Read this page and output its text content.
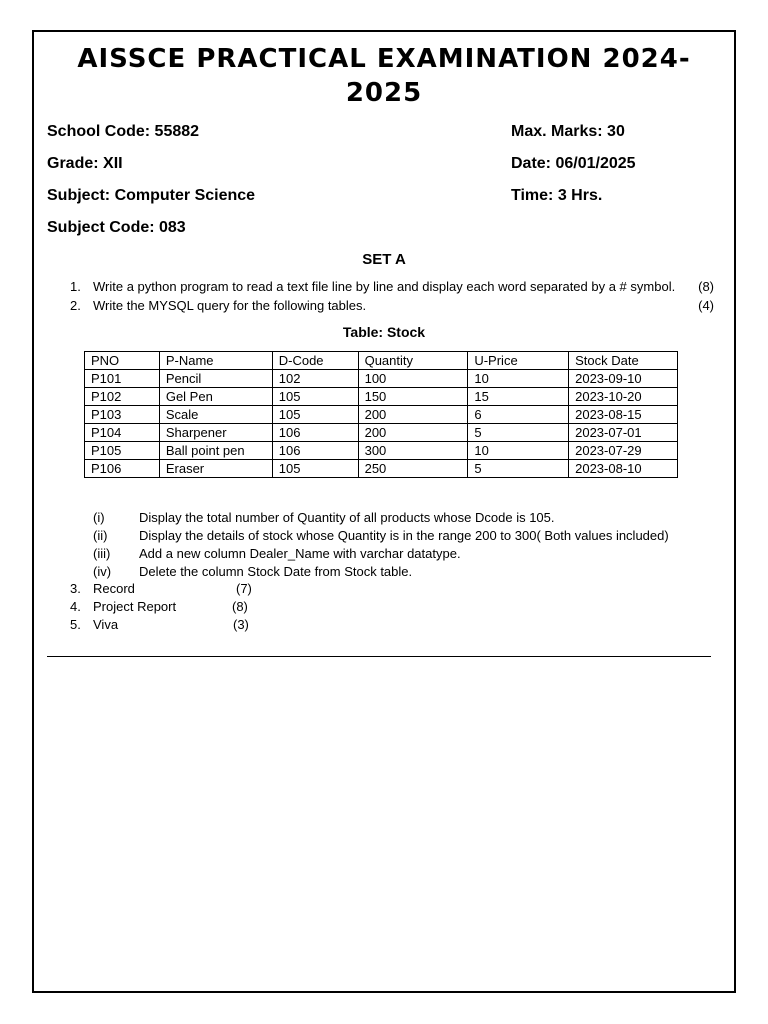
AISSCE PRACTICAL EXAMINATION 2024-2025
School Code: 55882
Grade: XII
Subject: Computer Science
Subject Code: 083
Max. Marks: 30
Date: 06/01/2025
Time: 3 Hrs.
SET A
1. Write a python program to read a text file line by line and display each word separated by a # symbol. (8)
2. Write the MYSQL query for the following tables.	(4)
Table: Stock
PNO	P-Name	D-Code	Quantity	U-Price	Stock Date
P101	Pencil	102	100	10	2023-09-10
P102	Gel Pen	105	150	15	2023-10-20
P103	Scale	105	200	6	2023-08-15
P104	Sharpener	106	200	5	2023-07-01
P105	Ball point pen	106	300	10	2023-07-29
P106	Eraser	105	250	5	2023-08-10
(i)	Display the total number of Quantity of all products whose Dcode is 105.
(ii) Display the details of stock whose Quantity is in the range 200 to 300( Both values included)
(iii) Add a new column Dealer_Name with varchar datatype.
(iv) Delete the column Stock Date from Stock table.
3. Record	(7)
4. Project Report	(8)
5. Viva	(3)
